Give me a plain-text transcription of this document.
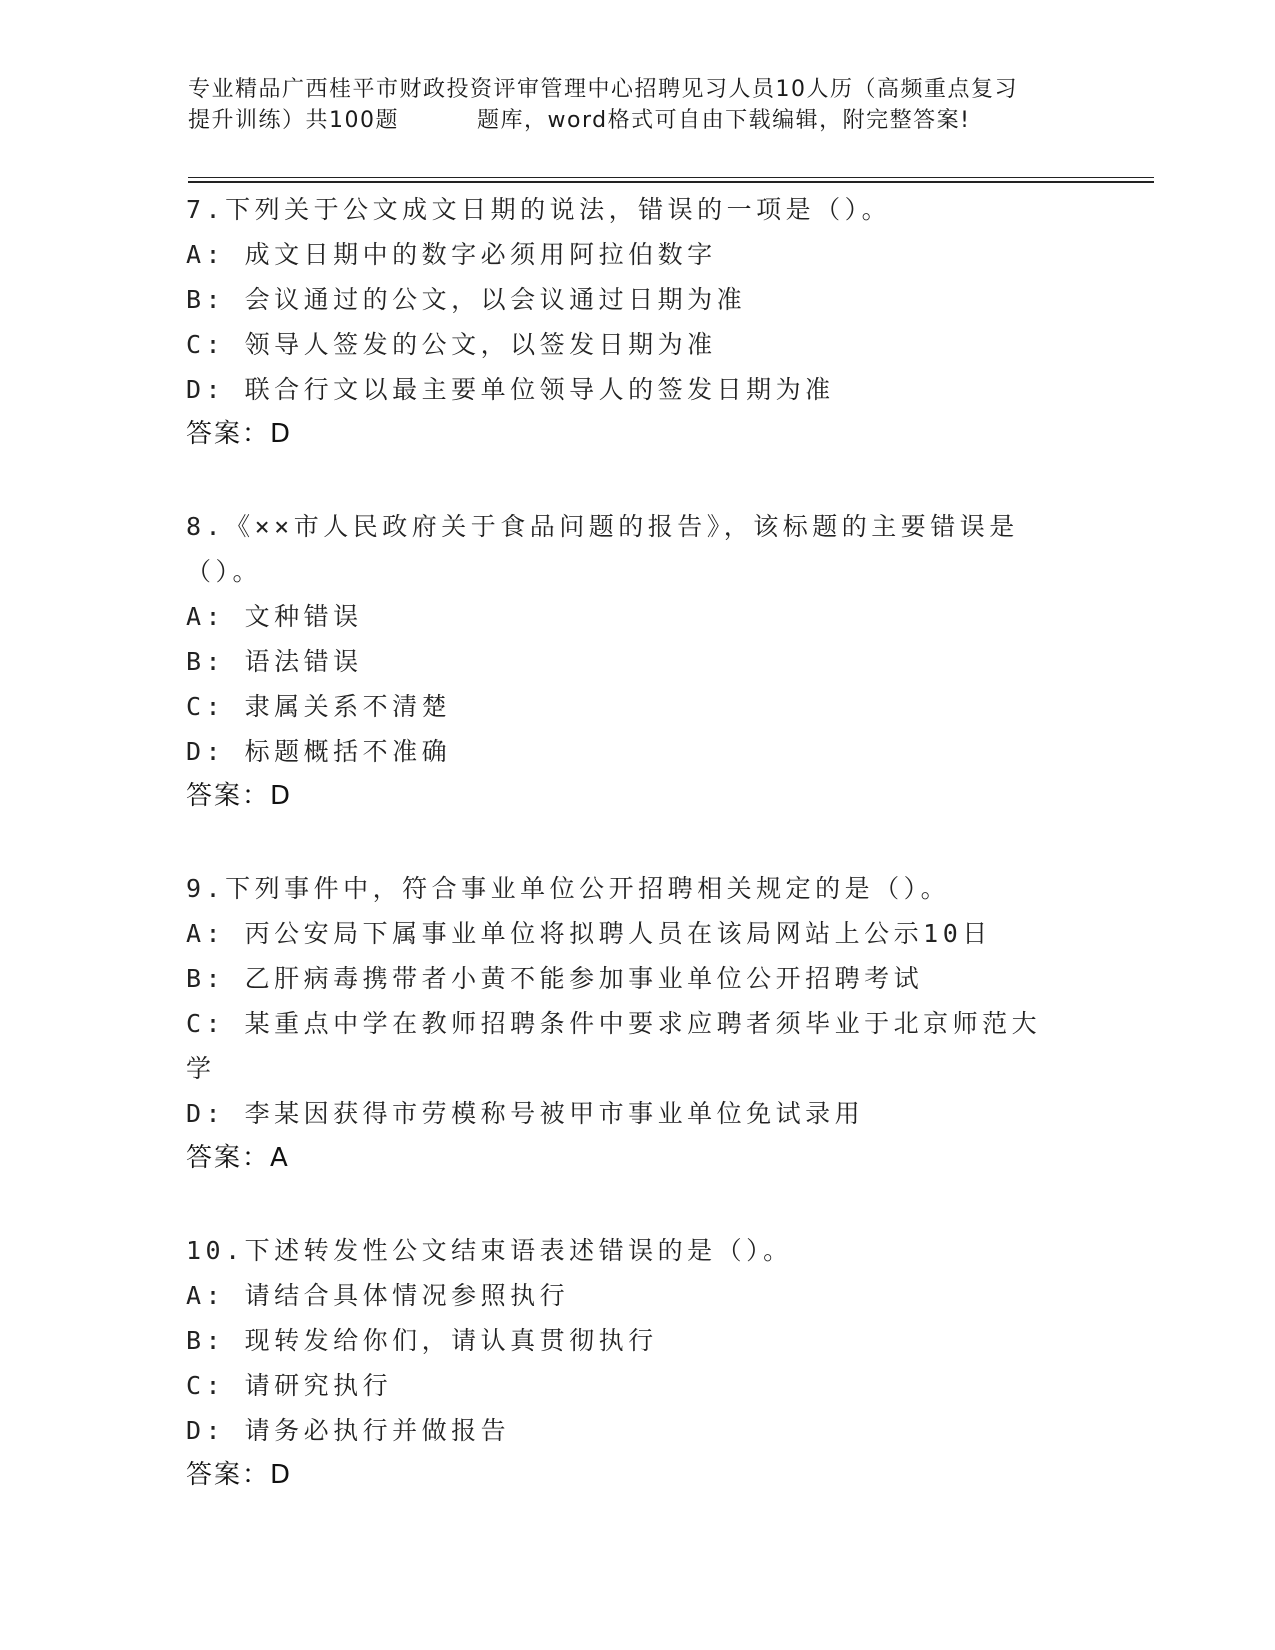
专业精品广西桂平市财政投资评审管理中心招聘见习人员10人历（高频重点复习
提升训练）共100题	题库，word格式可自由下载编辑，附完整答案!

7.下列关于公文成文日期的说法，错误的一项是（）。

A: 成文日期中的数字必须用阿拉伯数字

B: 会议通过的公文，以会议通过日期为准

C: 领导人签发的公文，以签发日期为准

D: 联合行文以最主要单位领导人的签发日期为准

答案：D

8.《××市人民政府关于食品问题的报告》，该标题的主要错误是（）。

A: 文种错误

B: 语法错误

C: 隶属关系不清楚

D: 标题概括不准确

答案：D

9.下列事件中，符合事业单位公开招聘相关规定的是（）。

A: 丙公安局下属事业单位将拟聘人员在该局网站上公示10日

B: 乙肝病毒携带者小黄不能参加事业单位公开招聘考试

C: 某重点中学在教师招聘条件中要求应聘者须毕业于北京师范大学

D: 李某因获得市劳模称号被甲市事业单位免试录用

答案：A

10.下述转发性公文结束语表述错误的是（）。

A: 请结合具体情况参照执行

B: 现转发给你们，请认真贯彻执行

C: 请研究执行

D: 请务必执行并做报告

答案：D
